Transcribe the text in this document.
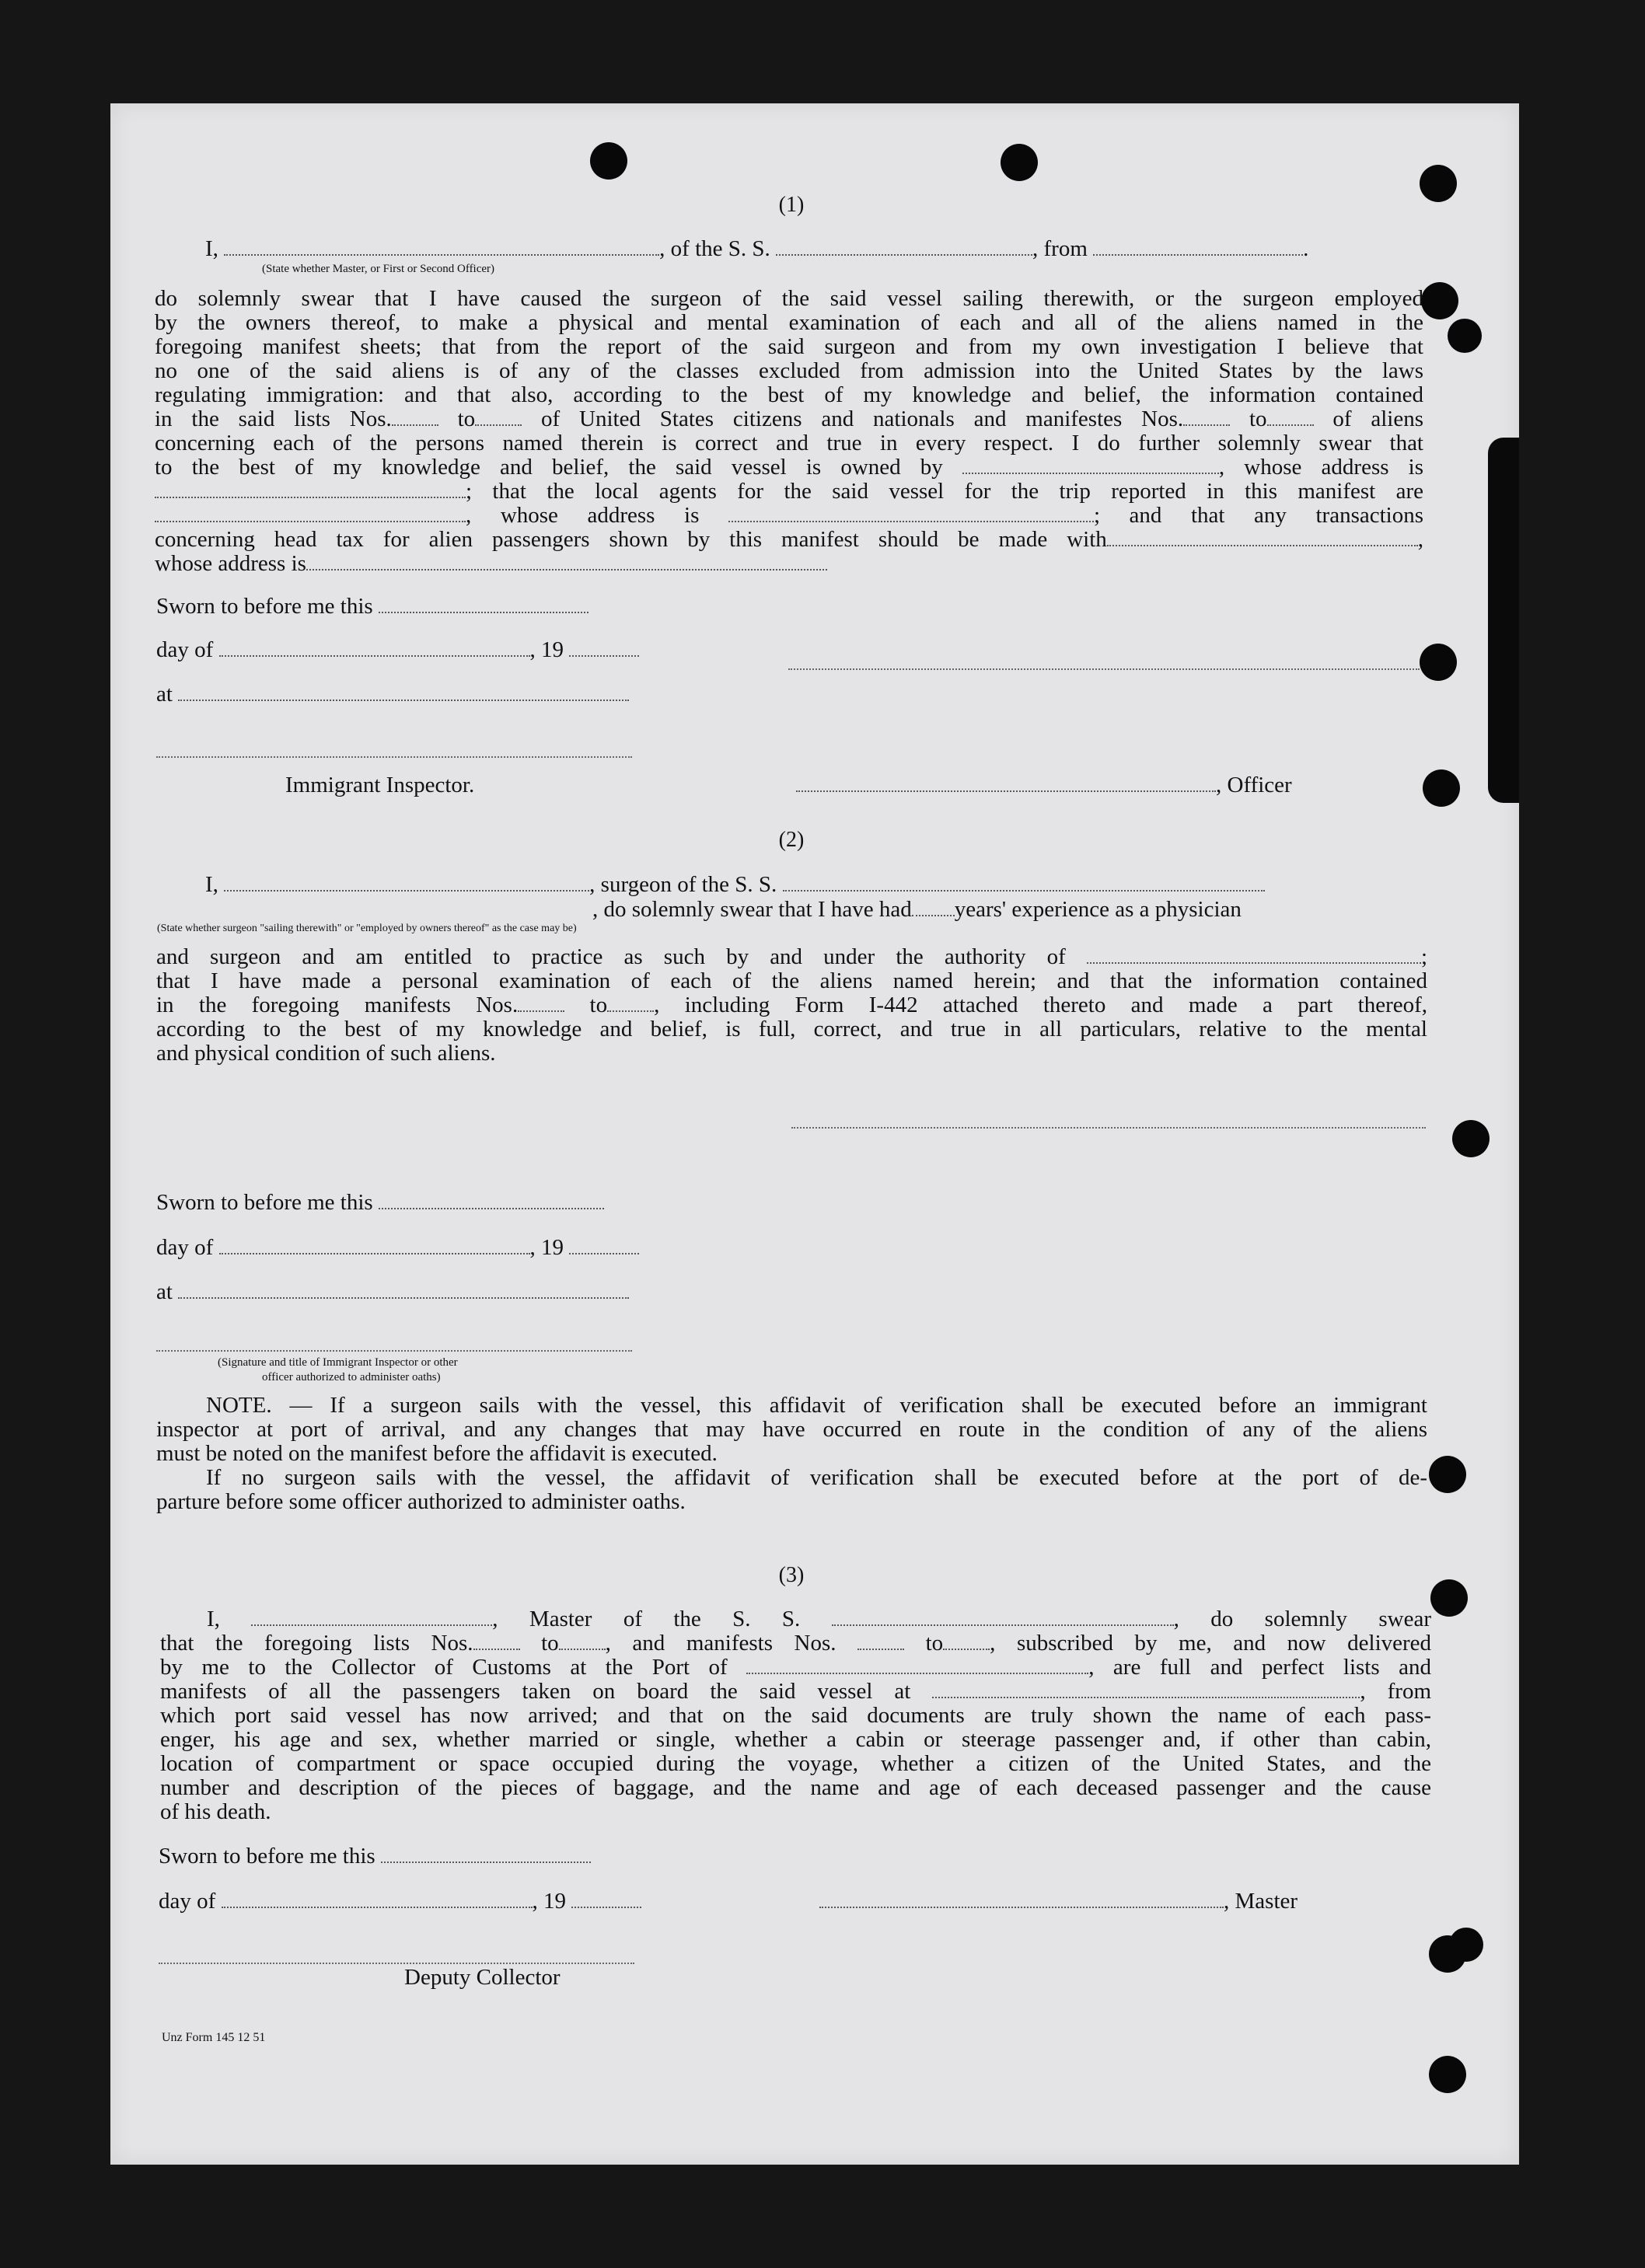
(1)
I,	, of the S. S.	, from	.
(State whether Master, or First or Second Officer)
do solemnly swear that I have caused the surgeon of the said vessel sailing therewith, or the surgeon employed
by the owners thereof, to make a physical and mental examination of each and all of the aliens named in the
foregoing manifest sheets; that from the report of the said surgeon and from my own investigation I believe that
no one of the said aliens is of any of the classes excluded from admission into the United States by the laws
regulating immigration: and that also, according to the best of my knowledge and belief, the information contained
in the said lists Nos.	to	of United States citizens and nationals and manifestes Nos.	to	of aliens
concerning each of the persons named therein is correct and true in every respect. I do further solemnly swear that
to the best of my knowledge and belief, the said vessel is owned by	, whose address is
; that the local agents for the said vessel for the trip reported in this manifest are
, whose address is	; and that any transactions
concerning head tax for alien passengers shown by this manifest should be made with	,
whose address is
Sworn to before me this
day of	, 19
at
Immigrant Inspector.	, Officer
(2)
I,	, surgeon of the S. S.
, do solemnly swear that I have had years' experience as a physician
(State whether surgeon "sailing therewith" or "employed by owners thereof" as the case may be)
and surgeon and am entitled to practice as such by and under the authority of	;
that I have made a personal examination of each of the aliens named herein; and that the information contained
in the foregoing manifests Nos.	to , including Form I-442 attached thereto and made a part thereof,
according to the best of my knowledge and belief, is full, correct, and true in all particulars, relative to the mental
and physical condition of such aliens.
Sworn to before me this
day of	, 19
at
(Signature and title of Immigrant Inspector or other
officer authorized to administer oaths)
NOTE. — If a surgeon sails with the vessel, this affidavit of verification shall be executed before an immigrant
inspector at port of arrival, and any changes that may have occurred en route in the condition of any of the aliens
must be noted on the manifest before the affidavit is executed.
If no surgeon sails with the vessel, the affidavit of verification shall be executed before at the port of de-
parture before some officer authorized to administer oaths.
(3)
I,	, Master of the S. S.	, do solemnly swear
that the foregoing lists Nos.	to , and manifests Nos.	to , subscribed by me, and now delivered
by me to the Collector of Customs at the Port of	, are full and perfect lists and
manifests of all the passengers taken on board the said vessel at	, from
which port said vessel has now arrived; and that on the said documents are truly shown the name of each pass-
enger, his age and sex, whether married or single, whether a cabin or steerage passenger and, if other than cabin,
location of compartment or space occupied during the voyage, whether a citizen of the United States, and the
number and description of the pieces of baggage, and the name and age of each deceased passenger and the cause
of his death.
Sworn to before me this
day of	, 19	, Master
Deputy Collector
Unz Form 145 12 51
